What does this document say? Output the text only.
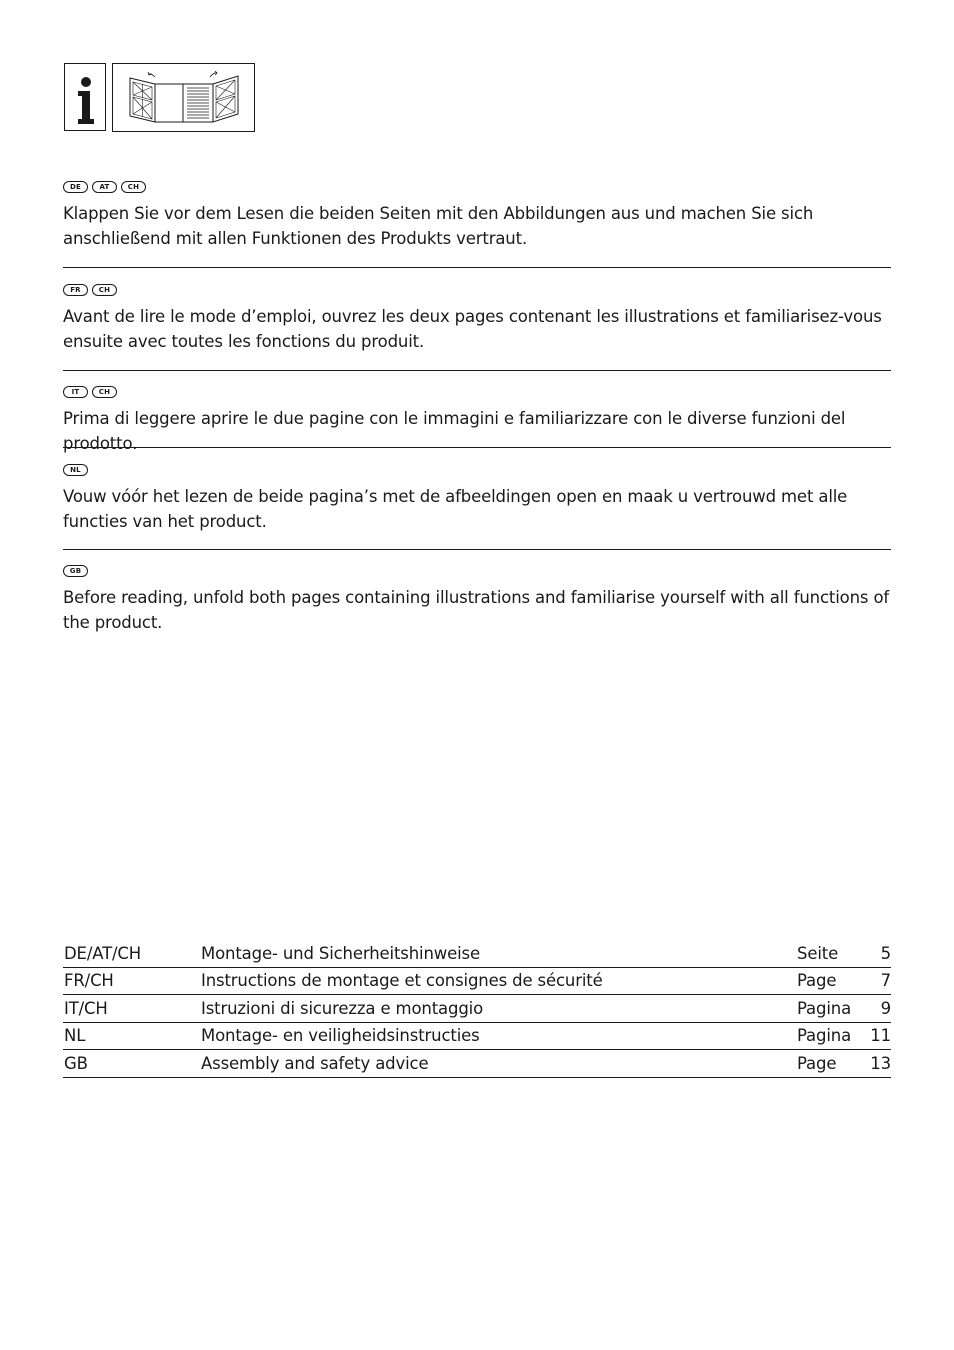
DE	AT	CH

Klappen Sie vor dem Lesen die beiden Seiten mit den Abbildungen aus und machen Sie sich anschließend mit allen Funktionen des Produkts vertraut.

FR	CH

Avant de lire le mode d’emploi, ouvrez les deux pages contenant les illustrations et familiarisez-vous ensuite avec toutes les fonctions du produit.

IT	CH

Prima di leggere aprire le due pagine con le immagini e familiarizzare con le diverse funzioni del prodotto.

NL

Vouw vóór het lezen de beide pagina’s met de afbeeldingen open en maak u vertrouwd met alle functies van het product.

GB

Before reading, unfold both pages containing illustrations and familiarise yourself with all functions of the product.

DE/AT/CH	Montage- und Sicherheitshinweise	Seite	5
FR/CH	Instructions de montage et consignes de sécurité	Page	7
IT/CH	Istruzioni di sicurezza e montaggio	Pagina	9
NL	Montage- en veiligheidsinstructies	Pagina	11
GB	Assembly and safety advice	Page	13
